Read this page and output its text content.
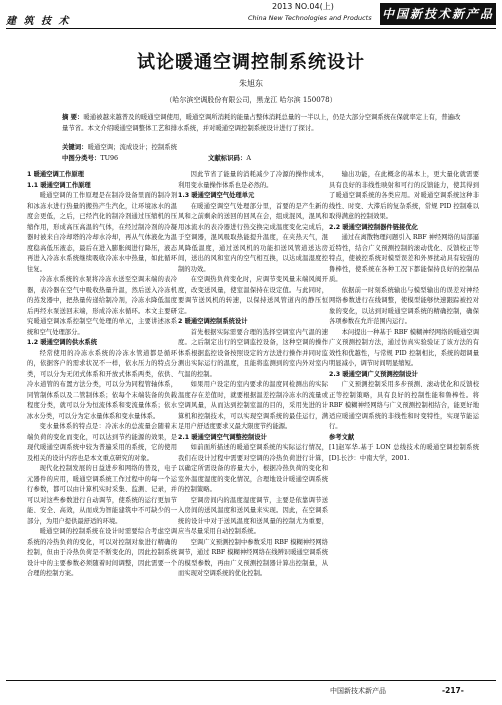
建 筑 技 术
2013 NO.04(上)
China New Technologies and Products 中国新技术新产品
试论暖通空调控制系统设计
朱旭东
（哈尔滨空调股份有限公司，黑龙江 哈尔滨 150078）
摘 要：暖通被越来越普及的暖通空调使用，暖通空调所消耗的能量占整体消耗总量的一半以上，仍是大部分空调系统在保就率定上有，普遍改量节省。本文介绍暖通空调整体工艺和排水系统，并对暖通空调控制系统设计进行了探讨。
关键词：暖通空调；流成设计；控制系统
中图分类号：TU96	文献标识码：A

1 暖通空调工作原理

1.1 暖通空调工作原理

暖通空调的工作原理是在制冷设备里面的制冷剂和冰冻水进行热量的搬热产生汽化，让环境冰水的温度会更低，之后，已经汽化的制冷剂通过压缩机的压缩作用，形成高压高温的气体，在经过制冷剂的冷凝器时被来自冷却塔的冷却水冷却，再从气体液化为温度稳高低压液态，最后在进入膨胀阀进行降压，液态再进入冷冻水系统继续吸收冷冻水中热量，如此循环往复。

冷冻水系统的水泵将冷冻水送至空调末端的表冷器，表冷器在空气中吸收热量升温，然后送入冷冻机的蒸发器中，把热量传递给制冷剂，冷冻水降低温度后再经水泵送回末端，形成冷冻水循环。本文主要研究暖通空调冰系控制空气处理的单元，主要讲述冰系统和空气处理部分。

1.2 暖通空调的供水系统

经常使用的冷冻水系统的冷冻水管道都是循环的，依据客户的需求状况不一样，依水压力的特点分类，可以分为无闭式体系和开放式体系两类，依供、冷水道管的布置方法分类，可以分为同程管轴体系，同管制体系以及二管制体系；依每个末端装备的负载程度分类，就可以分为恒流体系和变流量体系；依水冰水分类，可以分为定水量体系和变水量体系。

变水量体系的特点是：冷冻水的总流量会随着末端负荷的变化而变化，可以达到节约能源的效果，是现代暖通空调系统中较为普遍采用的系统，它的使用及相关的设计内容也是本文重点研究的对象。

现代化控制发展的日益进步和网络的普及，电子元器件的应用，暖通空调系统工作过程中的每一个运行参数，都可以由计算机实时采集、监测、记录，并可以对这些参数进行自动调节，使系统的运行更加节能、安全、高效，从而成为智能建筑中不可缺少的一部分，为用户提供最舒适的环境。

暖通空调的控制系统在设计时需要综合考虑空调系统的冷热负荷的变化，可以对控制对象进行精确的控制，但由于冷热负荷是不断变化的，因此控制系统设计中的主要参数必须随着时间调整，因此需要一个合理的控制方案。

因此节省了能量的消耗减少了冷源的操作成本，利用变水量操作体系也是必然的。

1.3 暖通空调空气处理单元

在暖通空调空气处理部分里，首要的是产生新的风和之前剩余的送回的回风在会，组成混风，混风和用冰流水的表冷器进行热交换完成温度变化完成后，于空调器，混风吸取热能提升温度，在夹热天气，混风降低温度，通过送风机的功能扣送风管道送达房间，送出的风和室内的空气相互换，以达成温湿度控制的功效。

在空调热负荷变化时，应调节变风量末端风阀开度，改变送风量，使室温保持在设定值。与此同时，要调节送风机的转速，以保持送风管道内的静压恒定。

2 暖通空调控制系统设计

首先根据实际需要合理的选择空调室内气温的速度。之后制定出行的空调监控设备，这种空调的操作体系根据监控设备按照设定的方法进行操作并同时监测出实际运行的温度，且能将监测到的室内外对室内气温的控制。

如果用户设定的室内要求的温度同检测出的实际温度存在差值时，就要根据温差控制冷冻水的流量或空调风量，从而达到控制室温的目的，采用先进的计算机和控制技术，可以实现空调系统的最佳运行，满足用户舒适度要求又最大限度节约能源。

2.1 暖通空调空气调整控制设计

如前面所描述的暖通空调系统的实际运行情况，我们在设计过程中需要对空调的冷热负荷进行计算，以确定所需设备的容量大小，根据冷热负荷的变化和室外温度湿度的变化情况，合理地设计暖通空调系统的控制策略。

空调房间内的温度湿度调节，主要是依靠调节送入房间的送风温度和送风量来实现。因此，在空调系统的设计中对于送风温度和送风量的控制尤为重要，应当尽量采用自动控制系统。

空调广义预测控制中参数采用 RBF 模糊神经网络调节，通过 RBF 模糊神经网络在线辨识暖通空调系统的模型参数，再由广义预测控制器计算出控制量，从而实现对空调系统的优化控制。

输出功能，在此概念的基本上，更大量化就需要具有良好的非线性映射和可行的反馈能力，使其得到了暖通空调系统的各类应用。对暖通空调系统这种非线性、时变、大滞后的复杂系统，常规 PID 控制难以取得满意的控制效果。

2.2 暖通空调控制器件链接优化

通过在离散物理问题引入 RBF 神经网络的局部逼近特性，结合广义预测控制的滚动优化、反馈校正等特点，使被控系统对模型误差和外界扰动具有较强的鲁棒性，使系统在各种工况下都能保持良好的控制品质。

依据前一时刻系统输出与模型输出的误差对神经网络参数进行在线调整，使模型能够快速跟踪被控对象的变化，以达到对暖通空调系统的精确控制，确保各项参数在允许范围内运行。

本问提出一种基于 RBF 模糊神经网络的暖通空调广义预测控制方法，通过仿真实验验证了该方法的有效性和优越性，与常规 PID 控制相比，系统的超调量明显减小，调节时间明显缩短。

2.3 暖通空调广义预测控制设计

广义预测控制采用多步预测、滚动优化和反馈校正等控制策略，具有良好的控制性能和鲁棒性。将 RBF 模糊神经网络与广义预测控制相结合，能更好地适应暖通空调系统的非线性和时变特性，实现节能运行。

参考文献

[1]赵军华.基于 LON 总线技术的暖通空调控制系统[D].长沙：中南大学，2001.

中国新技术新产品	-217-
